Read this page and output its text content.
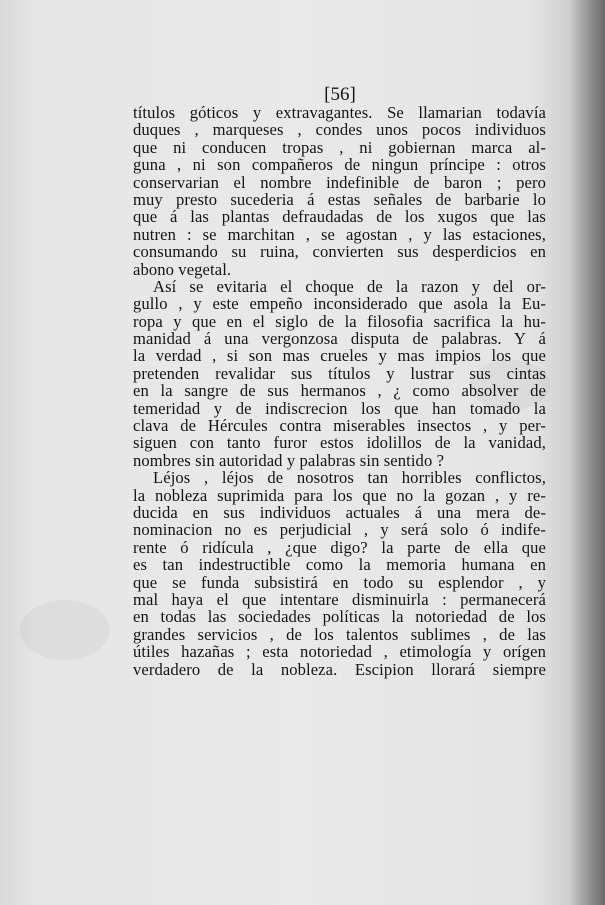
[56]
títulos góticos y extravagantes. Se llamarian todavía
duques , marqueses , condes unos pocos individuos
que ni conducen tropas , ni gobiernan marca al-
guna , ni son compañeros de ningun príncipe : otros
conservarian el nombre indefinible de baron ; pero
muy presto sucederia á estas señales de barbarie lo
que á las plantas defraudadas de los xugos que las
nutren : se marchitan , se agostan , y las estaciones,
consumando su ruina, convierten sus desperdicios en
abono vegetal.
Así se evitaria el choque de la razon y del or-
gullo , y este empeño inconsiderado que asola la Eu-
ropa y que en el siglo de la filosofia sacrifica la hu-
manidad á una vergonzosa disputa de palabras. Y á
la verdad , si son mas crueles y mas impios los que
pretenden revalidar sus títulos y lustrar sus cintas
en la sangre de sus hermanos , ¿ como absolver de
temeridad y de indiscrecion los que han tomado la
clava de Hércules contra miserables insectos , y per-
siguen con tanto furor estos idolillos de la vanidad,
nombres sin autoridad y palabras sin sentido ?
Léjos , léjos de nosotros tan horribles conflictos,
la nobleza suprimida para los que no la gozan , y re-
ducida en sus individuos actuales á una mera de-
nominacion no es perjudicial , y será solo ó indife-
rente ó ridícula , ¿que digo? la parte de ella que
es tan indestructible como la memoria humana en
que se funda subsistirá en todo su esplendor , y
mal haya el que intentare disminuirla : permanecerá
en todas las sociedades políticas la notoriedad de los
grandes servicios , de los talentos sublimes , de las
útiles hazañas ; esta notoriedad , etimología y orígen
verdadero de la nobleza. Escipion llorará siempre
